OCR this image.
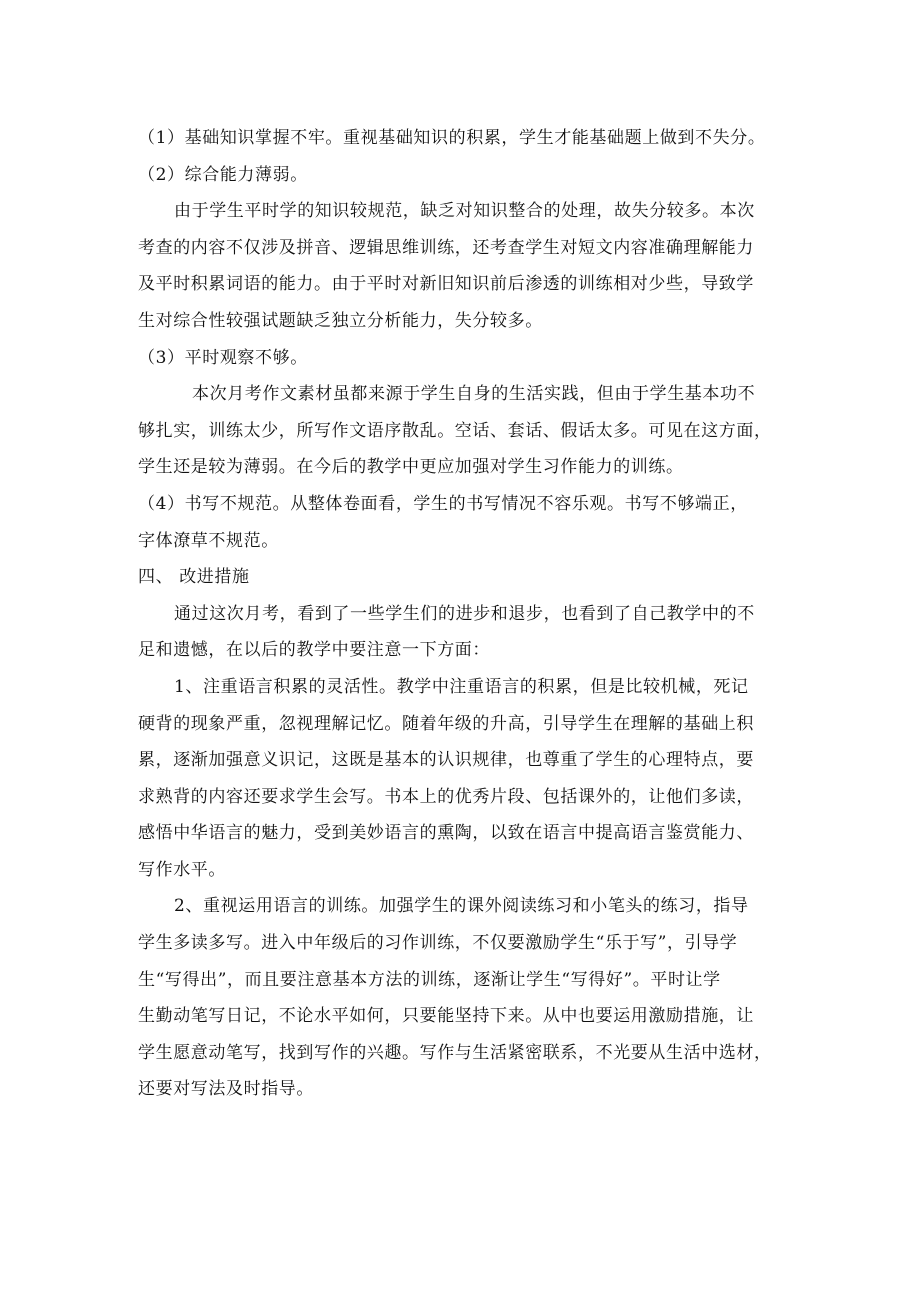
（1）基础知识掌握不牢。重视基础知识的积累，学生才能基础题上做到不失分。
（2）综合能力薄弱。
由于学生平时学的知识较规范，缺乏对知识整合的处理，故失分较多。本次
考查的内容不仅涉及拼音、逻辑思维训练，还考查学生对短文内容准确理解能力
及平时积累词语的能力。由于平时对新旧知识前后渗透的训练相对少些，导致学
生对综合性较强试题缺乏独立分析能力，失分较多。
（3）平时观察不够。
本次月考作文素材虽都来源于学生自身的生活实践，但由于学生基本功不
够扎实，训练太少，所写作文语序散乱。空话、套话、假话太多。可见在这方面，
学生还是较为薄弱。在今后的教学中更应加强对学生习作能力的训练。
（4）书写不规范。从整体卷面看，学生的书写情况不容乐观。书写不够端正，
字体潦草不规范。
四、 改进措施
通过这次月考，看到了一些学生们的进步和退步，也看到了自己教学中的不
足和遗憾，在以后的教学中要注意一下方面：
1、注重语言积累的灵活性。教学中注重语言的积累，但是比较机械，死记
硬背的现象严重，忽视理解记忆。随着年级的升高，引导学生在理解的基础上积
累，逐渐加强意义识记，这既是基本的认识规律，也尊重了学生的心理特点，要
求熟背的内容还要求学生会写。书本上的优秀片段、包括课外的，让他们多读，
感悟中华语言的魅力，受到美妙语言的熏陶，以致在语言中提高语言鉴赏能力、
写作水平。
2、重视运用语言的训练。加强学生的课外阅读练习和小笔头的练习，指导
学生多读多写。进入中年级后的习作训练，不仅要激励学生“乐于写”，引导学
生“写得出”，而且要注意基本方法的训练，逐渐让学生“写得好”。平时让学
生勤动笔写日记，不论水平如何，只要能坚持下来。从中也要运用激励措施，让
学生愿意动笔写，找到写作的兴趣。写作与生活紧密联系，不光要从生活中选材，
还要对写法及时指导。
